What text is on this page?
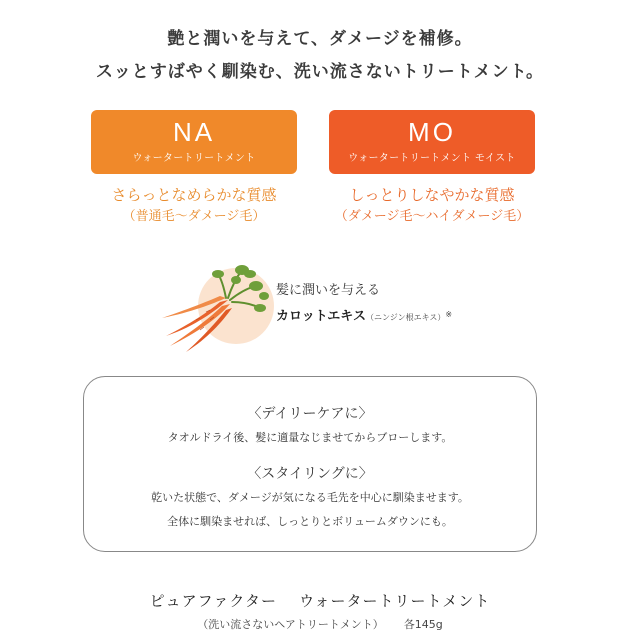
艶と潤いを与えて、ダメージを補修。
スッとすばやく馴染む、洗い流さないトリートメント。
NA
ウォータートリートメント
MO
ウォータートリートメント モイスト
さらっとなめらかな質感
（普通毛〜ダメージ毛）
しっとりしなやかな質感
（ダメージ毛〜ハイダメージ毛）
髪に潤いを与える
カロットエキス（ニンジン根エキス）※
〈デイリーケアに〉
タオルドライ後、髪に適量なじませてからブローします。
〈スタイリングに〉
乾いた状態で、ダメージが気になる毛先を中心に馴染ませます。
全体に馴染ませれば、しっとりとボリュームダウンにも。
ピュアファクター ウォータートリートメント
（洗い流さないヘアトリートメント） 各145g
